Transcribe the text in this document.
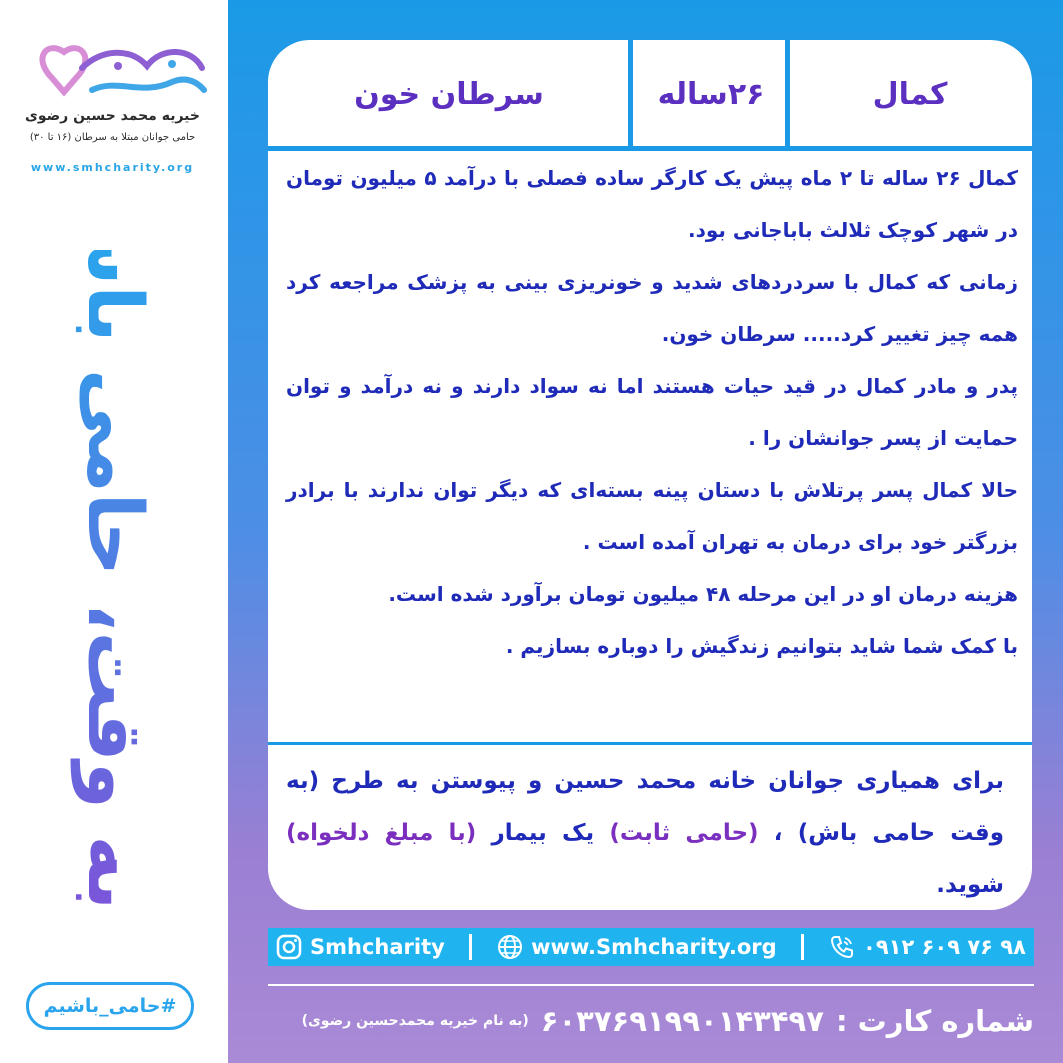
خیریه محمد حسین رضوی
حامی جوانان مبتلا به سرطان (۱۶ تا ۳۰)
www.smhcharity.org
به وقت، حامی باش
#حامی_باشیم
کمال
۲۶ساله
سرطان خون

کمال ۲۶ ساله تا ۲ ماه پیش یک کارگر ساده فصلی با درآمد ۵ میلیون تومان در شهر کوچک ثلالث باباجانی بود.

زمانی که کمال با سردردهای شدید و خونریزی بینی به پزشک مراجعه کرد همه چیز تغییر کرد..... سرطان خون.

پدر و مادر کمال در قید حیات هستند اما نه سواد دارند و نه درآمد و توان حمایت از پسر جوانشان را .

حالا کمال پسر پرتلاش با دستان پینه بسته‌ای که دیگر توان ندارند با برادر بزرگتر خود برای درمان به تهران آمده است .

هزینه درمان او در این مرحله ۴۸ میلیون تومان برآورد شده است.

با کمک شما شاید بتوانیم زندگیش را دوباره بسازیم .

برای همیاری جوانان خانه محمد حسین و پیوستن به طرح (به وقت حامی باش) ، (حامی ثابت) یک بیمار (با مبلغ دلخواه) شوید.
Smhcharity	www.Smhcharity.org	۰۹۱۲ ۶۰۹ ۷۶ ۹۸
شماره کارت :
۶۰۳۷۶۹۱۹۹۰۱۴۳۴۹۷
(به نام خیریه محمدحسین رضوی)
